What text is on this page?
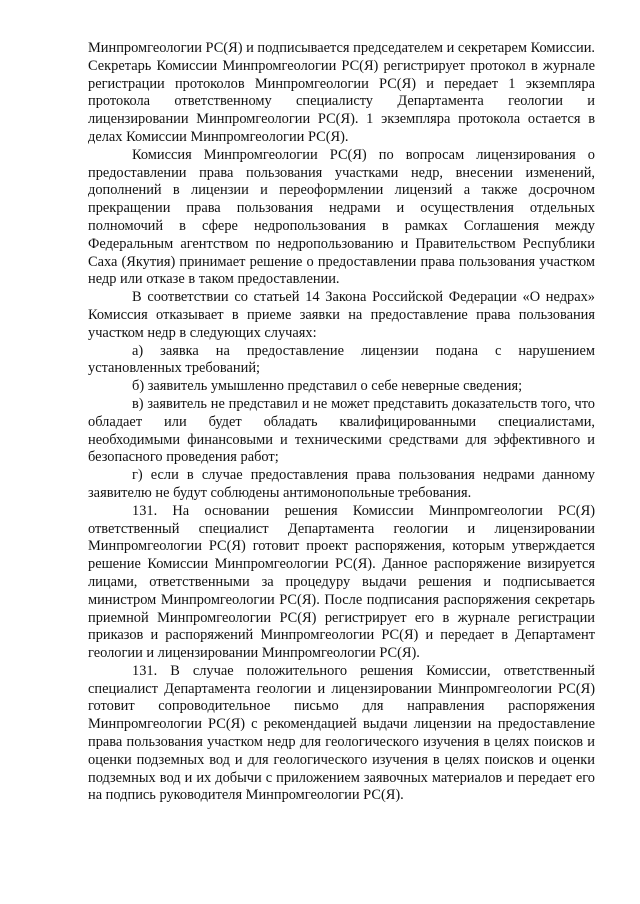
Минпромгеологии РС(Я) и подписывается председателем и секретарем Комиссии. Секретарь Комиссии Минпромгеологии РС(Я) регистрирует протокол в журнале регистрации протоколов Минпромгеологии РС(Я) и передает 1 экземпляра протокола ответственному специалисту Департамента геологии и лицензировании Минпромгеологии РС(Я). 1 экземпляра протокола остается в делах Комиссии Минпромгеологии РС(Я).

Комиссия Минпромгеологии РС(Я) по вопросам лицензирования о предоставлении права пользования участками недр, внесении изменений, дополнений в лицензии и переоформлении лицензий а также досрочном прекращении права пользования недрами и осуществления отдельных полномочий в сфере недропользования в рамках Соглашения между Федеральным агентством по недропользованию и Правительством Республики Саха (Якутия) принимает решение о предоставлении права пользования участком недр или отказе в таком предоставлении.

В соответствии со статьей 14 Закона Российской Федерации «О недрах» Комиссия отказывает в приеме заявки на предоставление права пользования участком недр в следующих случаях:

а) заявка на предоставление лицензии подана с нарушением установленных требований;

б) заявитель умышленно представил о себе неверные сведения;

в) заявитель не представил и не может представить доказательств того, что обладает или будет обладать квалифицированными специалистами, необходимыми финансовыми и техническими средствами для эффективного и безопасного проведения работ;

г) если в случае предоставления права пользования недрами данному заявителю не будут соблюдены антимонопольные требования.

131. На основании решения Комиссии Минпромгеологии РС(Я) ответственный специалист Департамента геологии и лицензировании Минпромгеологии РС(Я) готовит проект распоряжения, которым утверждается решение Комиссии Минпромгеологии РС(Я). Данное распоряжение визируется лицами, ответственными за процедуру выдачи решения и подписывается министром Минпромгеологии РС(Я). После подписания распоряжения секретарь приемной Минпромгеологии РС(Я) регистрирует его в журнале регистрации приказов и распоряжений Минпромгеологии РС(Я) и передает в Департамент геологии и лицензировании Минпромгеологии РС(Я).

131. В случае положительного решения Комиссии, ответственный специалист Департамента геологии и лицензировании Минпромгеологии РС(Я) готовит сопроводительное письмо для направления распоряжения Минпромгеологии РС(Я) с рекомендацией выдачи лицензии на предоставление права пользования участком недр для геологического изучения в целях поисков и оценки подземных вод и для геологического изучения в целях поисков и оценки подземных вод и их добычи с приложением заявочных материалов и передает его на подпись руководителя Минпромгеологии РС(Я).
